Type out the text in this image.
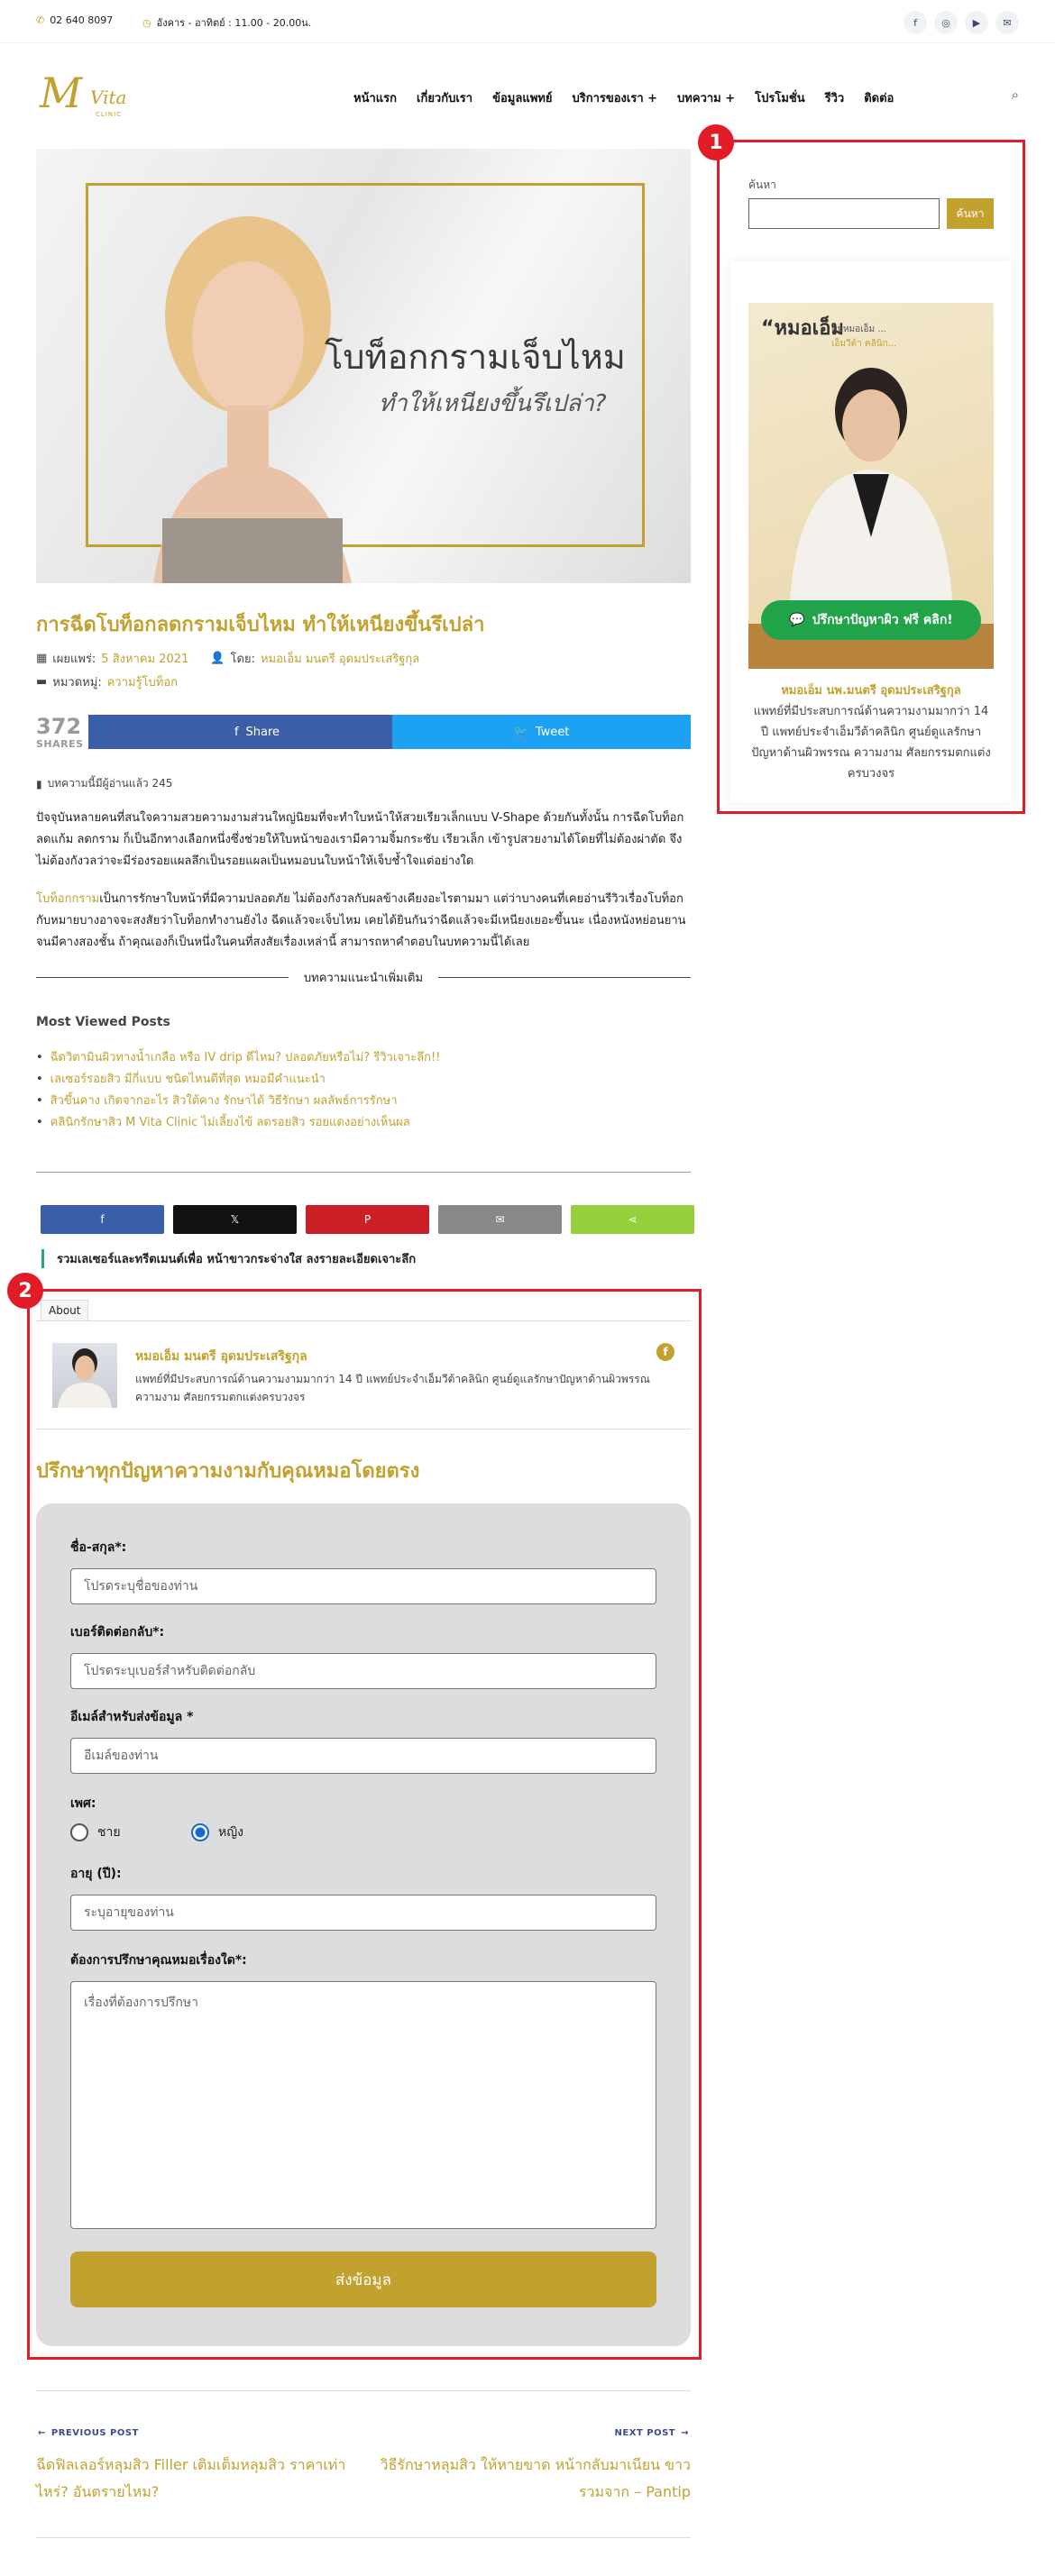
✆ 02 640 8097	◷ อังคาร - อาทิตย์ : 11.00 - 20.00น.	f	◎	▶	✉
M Vita
CLINIC
หน้าแรก เกี่ยวกับเรา ข้อมูลแพทย์ บริการของเรา + บทความ + โปรโมชั่น รีวิว ติดต่อ	⌕
โบท็อกกรามเจ็บไหม
ทำให้เหนียงขึ้นรึเปล่า?
การฉีดโบท็อกลดกรามเจ็บไหม ทำให้เหนียงขึ้นรึเปล่า
▦ เผยแพร่: 5 สิงหาคม 2021 👤 โดย: หมอเอ็ม มนตรี อุดมประเสริฐกุล
▬ หมวดหมู่: ความรู้โบท็อก
372
SHARES
f Share	🐦 Tweet
▮ บทความนี้มีผู้อ่านแล้ว 245
ปัจจุบันหลายคนที่สนใจความสวยความงามส่วนใหญ่นิยมที่จะทำใบหน้าให้สวยเรียวเล็กแบบ V-Shape ด้วยกันทั้งนั้น การฉีดโบท็อกลดแก้ม ลดกราม ก็เป็นอีกทางเลือกหนึ่งซึ่งช่วยให้ใบหน้าของเรามีความจิ้มกระชับ เรียวเล็ก เข้ารูปสวยงามได้โดยที่ไม่ต้องผ่าตัด จึงไม่ต้องกังวลว่าจะมีร่องรอยแผลลึกเป็นรอยแผลเป็นหมอบนใบหน้าให้เจ็บช้ำใจแต่อย่างใด
โบท็อกกรามเป็นการรักษาใบหน้าที่มีความปลอดภัย ไม่ต้องกังวลกับผลข้างเคียงอะไรตามมา แต่ว่าบางคนที่เคยอ่านรีวิวเรื่องโบท็อกกับหมายบางอาจจะสงสัยว่าโบท็อกทำงานยังไง ฉีดแล้วจะเจ็บไหม เคยได้ยินกันว่าฉีดแล้วจะมีเหนียงเยอะขึ้นนะ เนื่องหนังหย่อนยานจนมีคางสองชั้น ถ้าคุณเองก็เป็นหนึ่งในคนที่สงสัยเรื่องเหล่านี้ สามารถหาคำตอบในบทความนี้ได้เลย
บทความแนะนำเพิ่มเติม
Most Viewed Posts
• ฉีดวิตามินผิวทางน้ำเกลือ หรือ IV drip ดีไหม? ปลอดภัยหรือไม่? รีวิวเจาะลึก!!
• เลเซอร์รอยสิว มีกี่แบบ ชนิดไหนดีที่สุด หมอมีคำแนะนำ
• สิวขึ้นคาง เกิดจากอะไร สิวใต้คาง รักษาได้ วิธีรักษา ผลลัพธ์การรักษา
• คลินิกรักษาสิว M Vita Clinic ไม่เลี้ยงไข้ ลดรอยสิว รอยแดงอย่างเห็นผล
f	𝕏	P	✉	⋖
รวมเลเซอร์และทรีตเมนต์เพื่อ หน้าขาวกระจ่างใส ลงรายละเอียดเจาะลึก
1
ค้นหา
ค้นหา
“หมอเอ็ม
พบหมอเอ็ม ...
เอ็มวีต้า คลินิก...
💬 ปรึกษาปัญหาผิว ฟรี คลิก!
หมอเอ็ม นพ.มนตรี อุดมประเสริฐกุล
แพทย์ที่มีประสบการณ์ด้านความงามมากว่า 14 ปี แพทย์ประจำเอ็มวีต้าคลินิก ศูนย์ดูแลรักษาปัญหาด้านผิวพรรณ ความงาม ศัลยกรรมตกแต่งครบวงจร
2
About
หมอเอ็ม มนตรี อุดมประเสริฐกุล
แพทย์ที่มีประสบการณ์ด้านความงามมากว่า 14 ปี แพทย์ประจำเอ็มวีต้าคลินิก ศูนย์ดูแลรักษาปัญหาด้านผิวพรรณ ความงาม ศัลยกรรมตกแต่งครบวงจร
f
ปรึกษาทุกปัญหาความงามกับคุณหมอโดยตรง
ชื่อ-สกุล*:
โปรดระบุชื่อของท่าน
เบอร์ติดต่อกลับ*:
โปรดระบุเบอร์สำหรับติดต่อกลับ
อีเมล์สำหรับส่งข้อมูล *
อีเมล์ของท่าน
เพศ:
ชาย	หญิง
อายุ (ปี):
ระบุอายุของท่าน
ต้องการปรึกษาคุณหมอเรื่องใด*:
เรื่องที่ต้องการปรึกษา
ส่งข้อมูล
← PREVIOUS POST
ฉีดฟิลเลอร์หลุมสิว Filler เติมเต็มหลุมสิว ราคาเท่าไหร่? อันตรายไหม?
NEXT POST →
วิธีรักษาหลุมสิว ให้หายขาด หน้ากลับมาเนียน ขาวรวมจาก – Pantip
